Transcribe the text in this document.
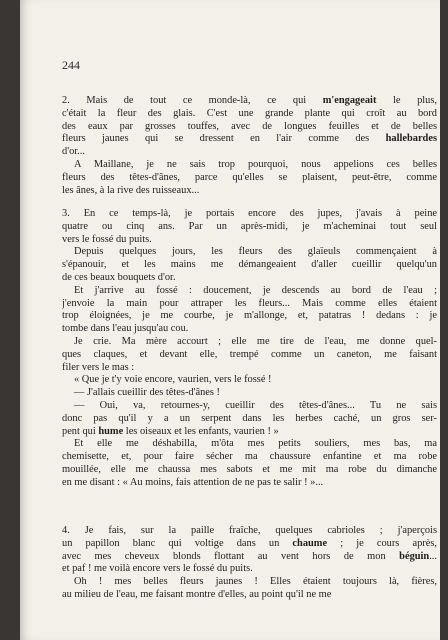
244
2. Mais de tout ce monde-là, ce qui m'engageait le plus,
c'était la fleur des glais. C'est une grande plante qui croît au bord
des eaux par grosses touffes, avec de longues feuilles et de belles
fleurs jaunes qui se dressent en l'air comme des hallebardes
d'or...
A Maillane, je ne sais trop pourquoi, nous appelions ces belles
fleurs des têtes-d'ânes, parce qu'elles se plaisent, peut-être, comme
les ânes, à la rive des ruisseaux...
3. En ce temps-là, je portais encore des jupes, j'avais à peine
quatre ou cinq ans. Par un après-midi, je m'acheminai tout seul
vers le fossé du puits.
Depuis quelques jours, les fleurs des glaïeuls commençaient à
s'épanouir, et les mains me démangeaient d'aller cueillir quelqu'un
de ces beaux bouquets d'or.
Et j'arrive au fossé : doucement, je descends au bord de l'eau ;
j'envoie la main pour attraper les fleurs... Mais comme elles étaient
trop éloignées, je me courbe, je m'allonge, et, patatras ! dedans : je
tombe dans l'eau jusqu'au cou.
Je crie. Ma mère accourt ; elle me tire de l'eau, me donne quel-
ques claques, et devant elle, trempé comme un caneton, me faisant
filer vers le mas :
« Que je t'y voie encore, vaurien, vers le fossé !
— J'allais cueillir des têtes-d'ânes !
— Oui, va, retournes-y, cueillir des têtes-d'ânes... Tu ne sais
donc pas qu'il y a un serpent dans les herbes caché, un gros ser-
pent qui hume les oiseaux et les enfants, vaurien ! »
Et elle me déshabilla, m'ôta mes petits souliers, mes bas, ma
chemisette, et, pour faire sécher ma chaussure enfantine et ma robe
mouillée, elle me chaussa mes sabots et me mit ma robe du dimanche
en me disant : « Au moins, fais attention de ne pas te salir ! »...
4. Je fais, sur la paille fraîche, quelques cabrioles ; j'aperçois
un papillon blanc qui voltige dans un chaume ; je cours après,
avec mes cheveux blonds flottant au vent hors de mon béguin...
et paf ! me voilà encore vers le fossé du puits.
Oh ! mes belles fleurs jaunes ! Elles étaient toujours là, fières,
au milieu de l'eau, me faisant montre d'elles, au point qu'il ne me
